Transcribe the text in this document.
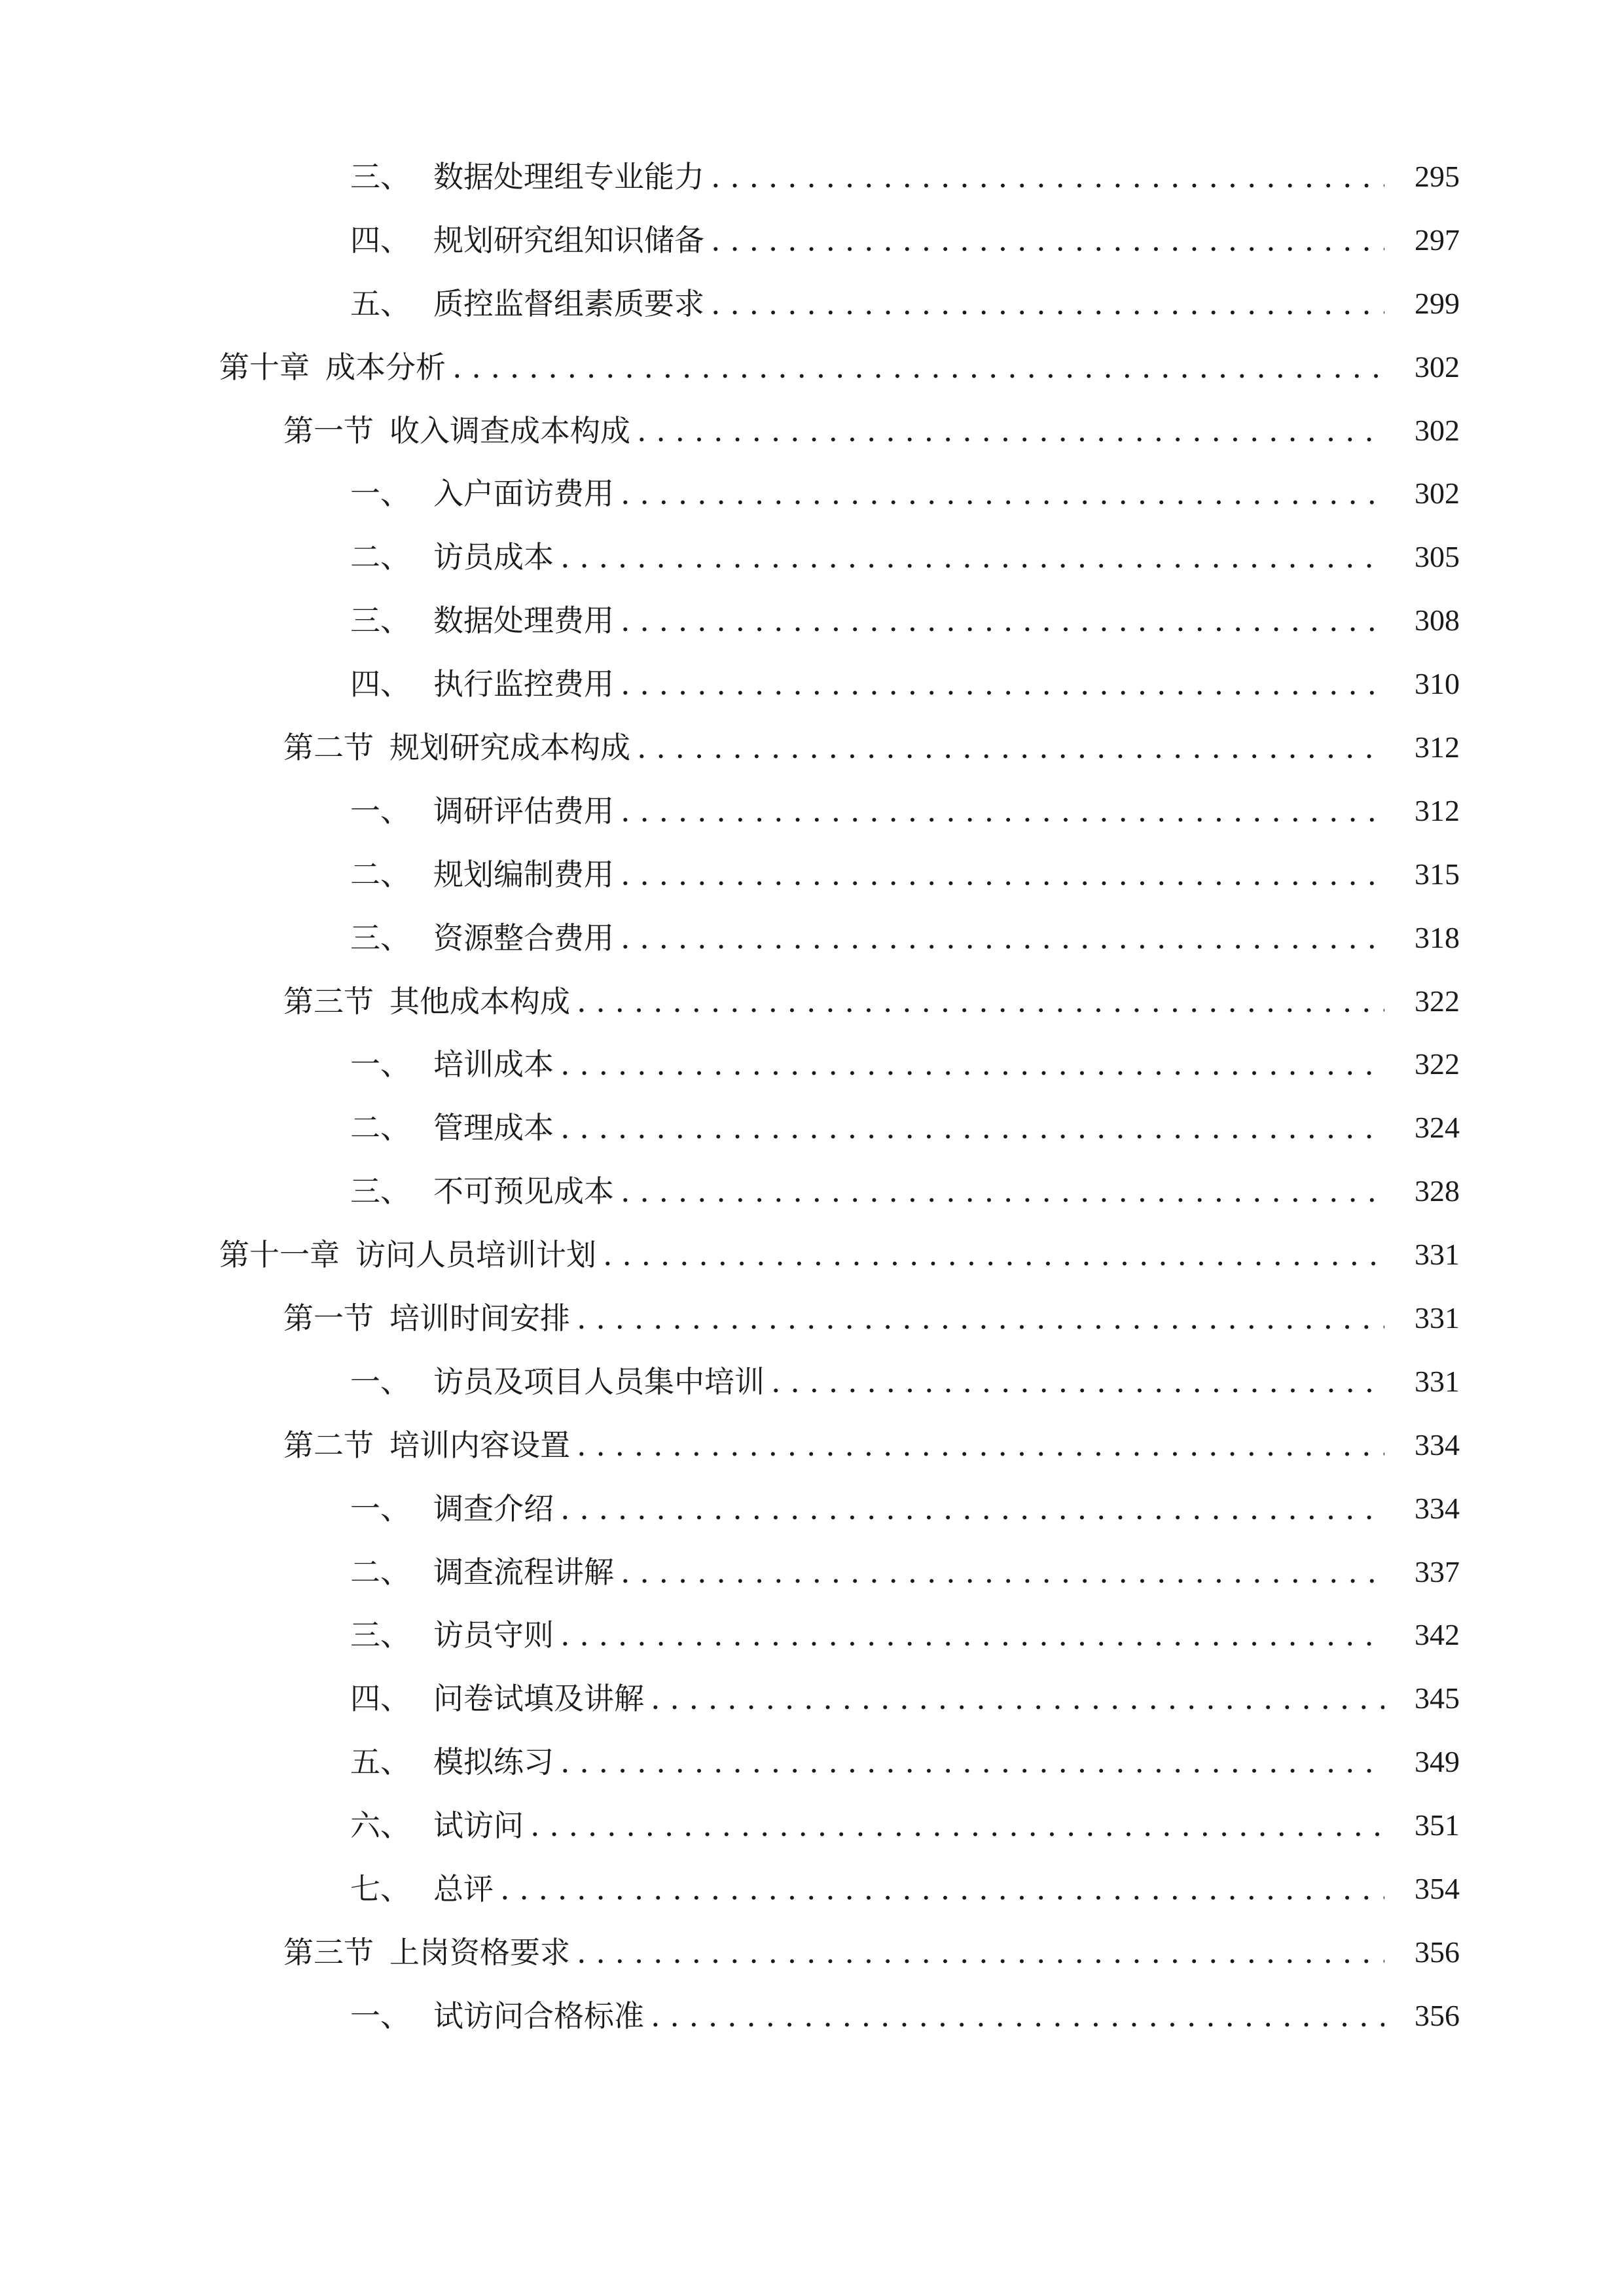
三、 数据处理组专业能力 . . .	295
四、 规划研究组知识储备 . . .	297
五、 质控监督组素质要求 . . .	299
第十章 成本分析 . . .	302
第一节 收入调查成本构成 . . .	302
一、 入户面访费用 . . .	302
二、 访员成本 . . .	305
三、 数据处理费用 . . .	308
四、 执行监控费用 . . .	310
第二节 规划研究成本构成 . . .	312
一、 调研评估费用 . . .	312
二、 规划编制费用 . . .	315
三、 资源整合费用 . . .	318
第三节 其他成本构成 . . .	322
一、 培训成本 . . .	322
二、 管理成本 . . .	324
三、 不可预见成本 . . .	328
第十一章 访问人员培训计划 . . .	331
第一节 培训时间安排 . . .	331
一、 访员及项目人员集中培训 . . .	331
第二节 培训内容设置 . . .	334
一、 调查介绍 . . .	334
二、 调查流程讲解 . . .	337
三、 访员守则 . . .	342
四、 问卷试填及讲解 . . .	345
五、 模拟练习 . . .	349
六、 试访问 . . .	351
七、 总评 . . .	354
第三节 上岗资格要求 . . .	356
一、 试访问合格标准 . . .	356
